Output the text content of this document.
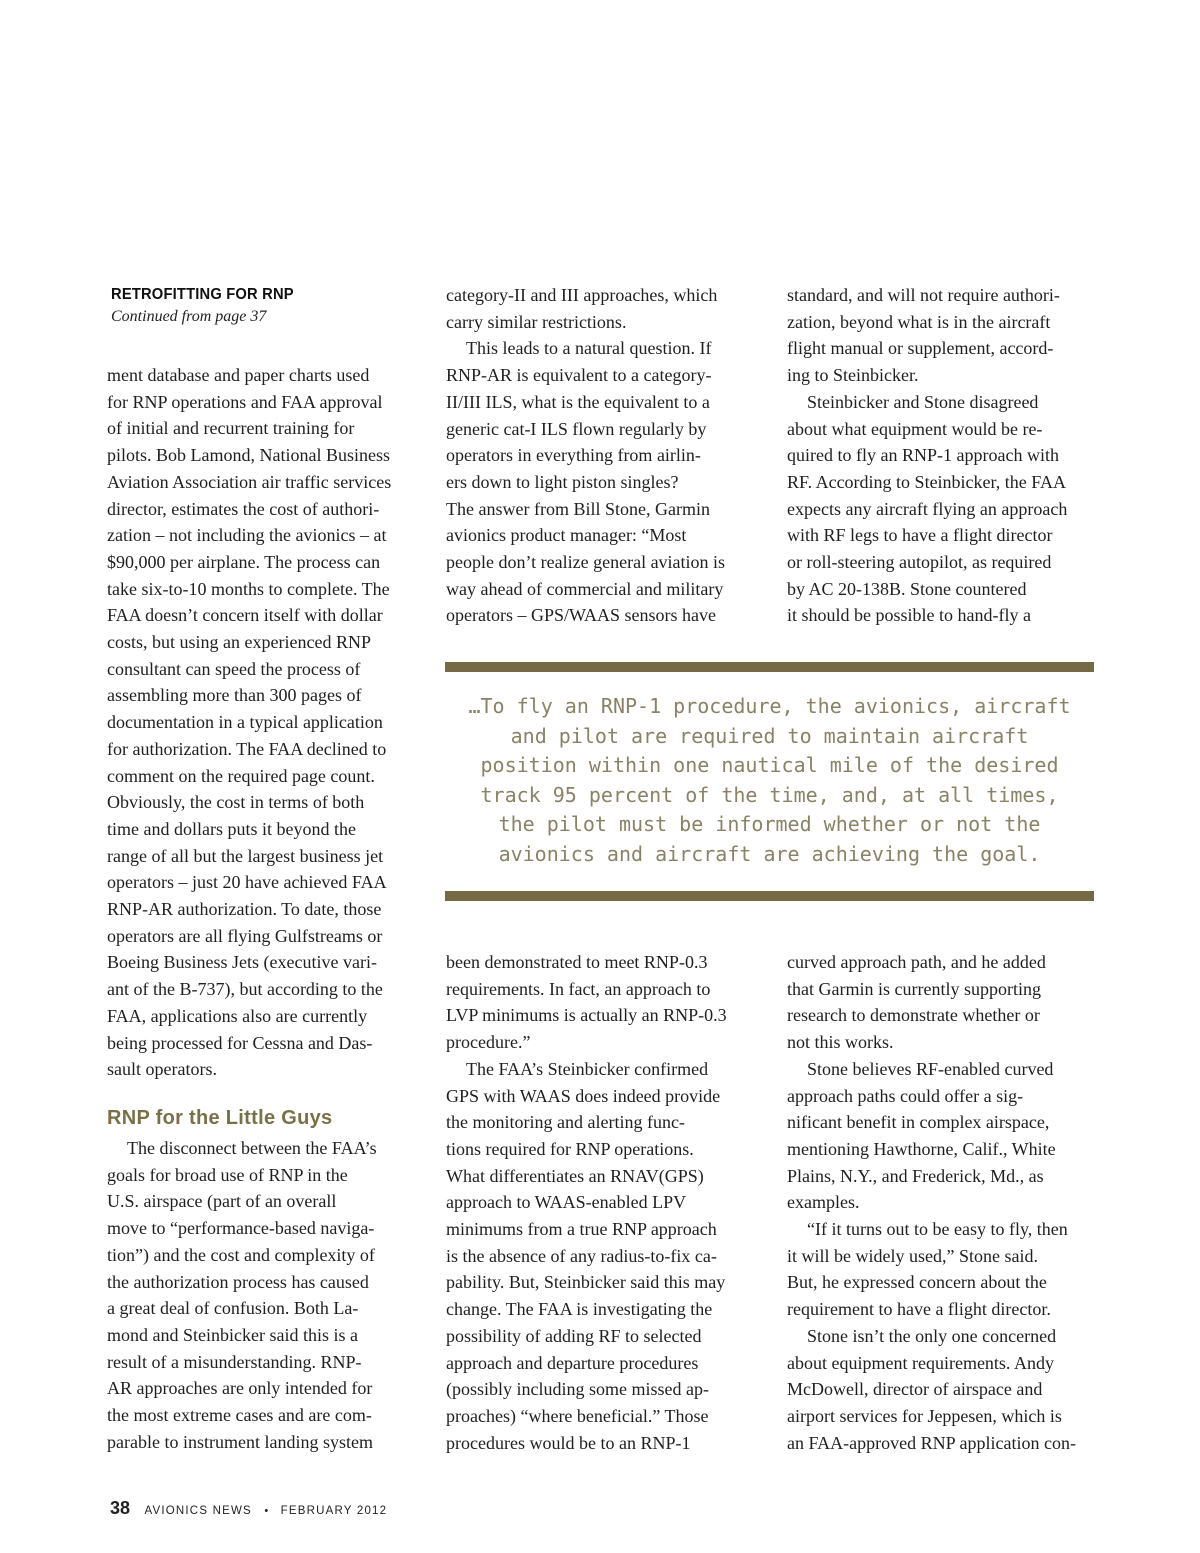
RETROFITTING FOR RNP
Continued from page 37

ment database and paper charts used

for RNP operations and FAA approval

of initial and recurrent training for

pilots. Bob Lamond, National Business

Aviation Association air traffic services

director, estimates the cost of authori-

zation – not including the avionics – at

$90,000 per airplane. The process can

take six-to-10 months to complete. The

FAA doesn’t concern itself with dollar

costs, but using an experienced RNP

consultant can speed the process of

assembling more than 300 pages of

documentation in a typical application

for authorization. The FAA declined to

comment on the required page count.

Obviously, the cost in terms of both

time and dollars puts it beyond the

range of all but the largest business jet

operators – just 20 have achieved FAA

RNP-AR authorization. To date, those

operators are all flying Gulfstreams or

Boeing Business Jets (executive vari-

ant of the B-737), but according to the

FAA, applications also are currently

being processed for Cessna and Das-

sault operators.

RNP for the Little Guys

The disconnect between the FAA’s

goals for broad use of RNP in the

U.S. airspace (part of an overall

move to “performance-based naviga-

tion”) and the cost and complexity of

the authorization process has caused

a great deal of confusion. Both La-

mond and Steinbicker said this is a

result of a misunderstanding. RNP-

AR approaches are only intended for

the most extreme cases and are com-

parable to instrument landing system

category-II and III approaches, which

carry similar restrictions.

This leads to a natural question. If

RNP-AR is equivalent to a category-

II/III ILS, what is the equivalent to a

generic cat-I ILS flown regularly by

operators in everything from airlin-

ers down to light piston singles?

The answer from Bill Stone, Garmin

avionics product manager: “Most

people don’t realize general aviation is

way ahead of commercial and military

operators – GPS/WAAS sensors have

standard, and will not require authori-

zation, beyond what is in the aircraft

flight manual or supplement, accord-

ing to Steinbicker.

Steinbicker and Stone disagreed

about what equipment would be re-

quired to fly an RNP-1 approach with

RF. According to Steinbicker, the FAA

expects any aircraft flying an approach

with RF legs to have a flight director

or roll-steering autopilot, as required

by AC 20-138B. Stone countered

it should be possible to hand-fly a

…To fly an RNP-1 procedure, the avionics, aircraft
and pilot are required to maintain aircraft
position within one nautical mile of the desired
track 95 percent of the time, and, at all times,
the pilot must be informed whether or not the
avionics and aircraft are achieving the goal.

been demonstrated to meet RNP-0.3

requirements. In fact, an approach to

LVP minimums is actually an RNP-0.3

procedure.”

The FAA’s Steinbicker confirmed

GPS with WAAS does indeed provide

the monitoring and alerting func-

tions required for RNP operations.

What differentiates an RNAV(GPS)

approach to WAAS-enabled LPV

minimums from a true RNP approach

is the absence of any radius-to-fix ca-

pability. But, Steinbicker said this may

change. The FAA is investigating the

possibility of adding RF to selected

approach and departure procedures

(possibly including some missed ap-

proaches) “where beneficial.” Those

procedures would be to an RNP-1

curved approach path, and he added

that Garmin is currently supporting

research to demonstrate whether or

not this works.

Stone believes RF-enabled curved

approach paths could offer a sig-

nificant benefit in complex airspace,

mentioning Hawthorne, Calif., White

Plains, N.Y., and Frederick, Md., as

examples.

“If it turns out to be easy to fly, then

it will be widely used,” Stone said.

But, he expressed concern about the

requirement to have a flight director.

Stone isn’t the only one concerned

about equipment requirements. Andy

McDowell, director of airspace and

airport services for Jeppesen, which is

an FAA-approved RNP application con-

38 AVIONICS NEWS • FEBRUARY 2012
